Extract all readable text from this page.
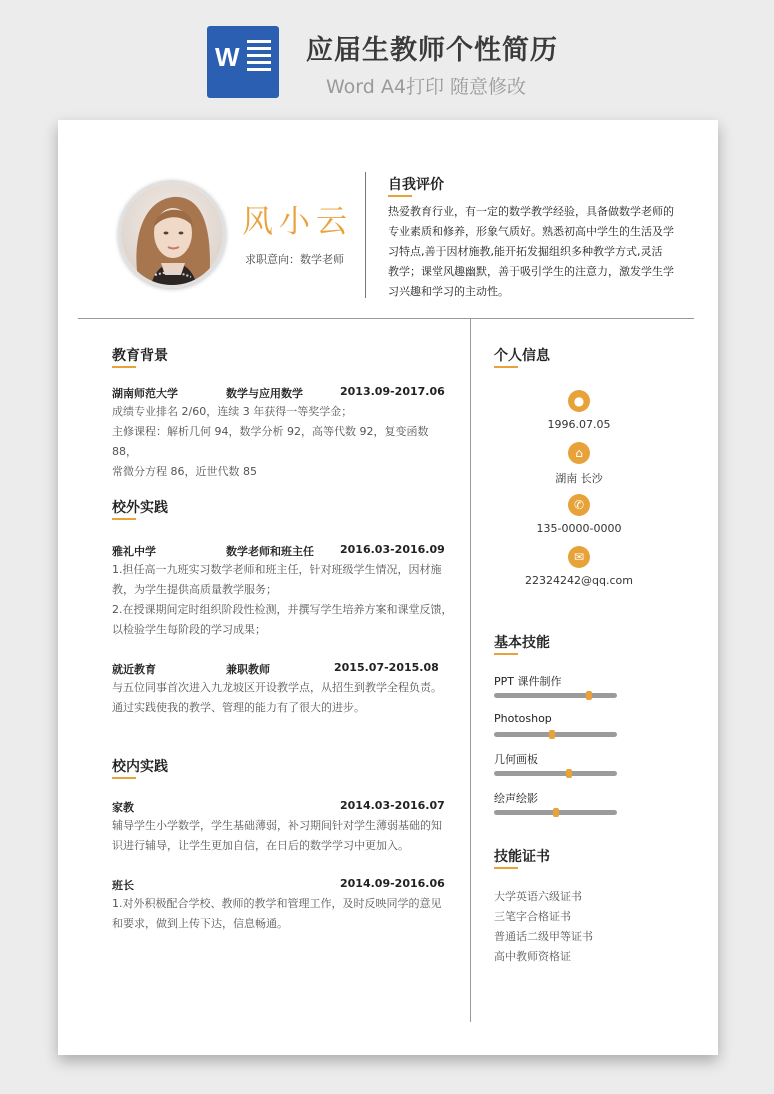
W 应届生教师个性简历
Word A4打印 随意修改
风小云
求职意向：数学老师
自我评价
热爱教育行业，有一定的数学教学经验，具备做数学老师的
专业素质和修养，形象气质好。熟悉初高中学生的生活及学
习特点,善于因材施教,能开拓发掘组织多种教学方式,灵活
教学；课堂风趣幽默，善于吸引学生的注意力，激发学生学
习兴趣和学习的主动性。
教育背景
湖南师范大学	数学与应用数学	2013.09-2017.06
成绩专业排名 2/60，连续 3 年获得一等奖学金；
主修课程：解析几何 94，数学分析 92，高等代数 92，复变函数 88，
常微分方程 86，近世代数 85
校外实践
雅礼中学	数学老师和班主任 2016.03-2016.09
1.担任高一九班实习数学老师和班主任，针对班级学生情况，因材施
教，为学生提供高质量教学服务；
2.在授课期间定时组织阶段性检测，并撰写学生培养方案和课堂反馈，
以检验学生每阶段的学习成果；
就近教育	兼职教师	2015.07-2015.08
与五位同事首次进入九龙坡区开设教学点，从招生到教学全程负责。
通过实践使我的教学、管理的能力有了很大的进步。
校内实践
家教	2014.03-2016.07
辅导学生小学数学，学生基础薄弱，补习期间针对学生薄弱基础的知
识进行辅导，让学生更加自信，在日后的数学学习中更加入。
班长	2014.09-2016.06
1.对外积极配合学校、教师的教学和管理工作，及时反映同学的意见
和要求，做到上传下达，信息畅通。
个人信息
●
1996.07.05
⌂
湖南 长沙
✆
135-0000-0000
✉
22324242@qq.com
基本技能
PPT 课件制作
Photoshop
几何画板
绘声绘影
技能证书
大学英语六级证书
三笔字合格证书
普通话二级甲等证书
高中教师资格证
